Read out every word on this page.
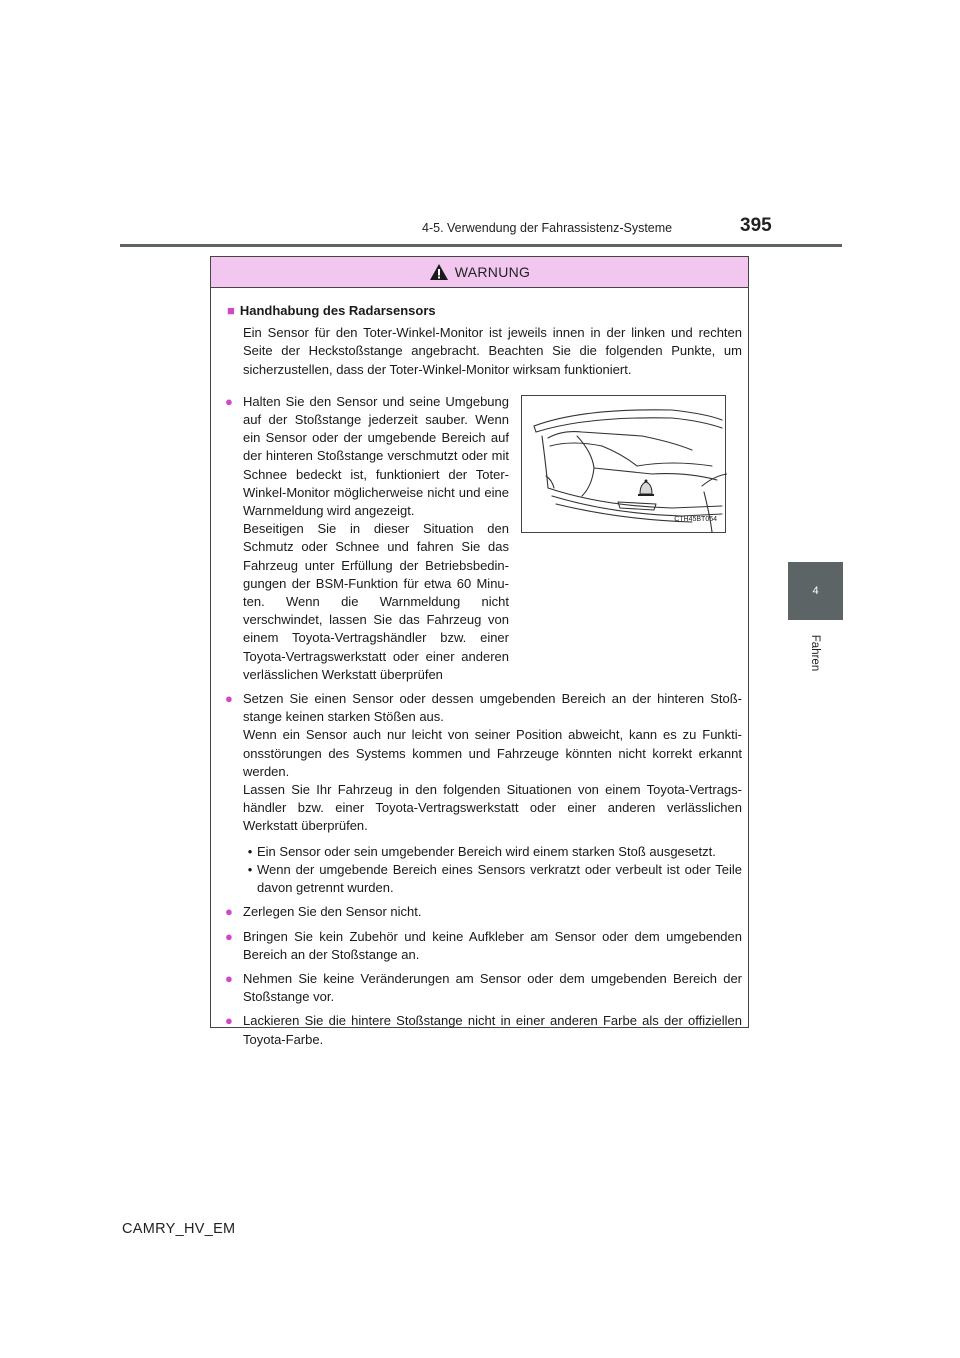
4-5. Verwendung der Fahrassistenz-Systeme	395
4
Fahren
WARNUNG
■ Handhabung des Radarsensors
Ein Sensor für den Toter-Winkel-Monitor ist jeweils innen in der linken und rechten Seite der Heckstoßstange angebracht. Beachten Sie die folgenden Punkte, um sicherzustellen, dass der Toter-Winkel-Monitor wirksam funktioniert.
● Halten Sie den Sensor und seine Umgebung auf der Stoßstange jederzeit sauber. Wenn ein Sensor oder der umgebende Bereich auf der hinteren Stoßstange verschmutzt oder mit Schnee bedeckt ist, funktioniert der Toter-Winkel-Monitor möglicherweise nicht und eine Warnmeldung wird angezeigt.

Beseitigen Sie in dieser Situation den Schmutz oder Schnee und fahren Sie das Fahrzeug unter Erfüllung der Betriebsbedin-gungen der BSM-Funktion für etwa 60 Minu-ten. Wenn die Warnmeldung nicht verschwindet, lassen Sie das Fahrzeug von einem Toyota-Vertragshändler bzw. einer Toyota-Vertragswerkstatt oder einer anderen verlässlichen Werkstatt überprüfen

CTH45BT064
● Setzen Sie einen Sensor oder dessen umgebenden Bereich an der hinteren Stoß-stange keinen starken Stößen aus.

Wenn ein Sensor auch nur leicht von seiner Position abweicht, kann es zu Funkti-onsstörungen des Systems kommen und Fahrzeuge könnten nicht korrekt erkannt werden.

Lassen Sie Ihr Fahrzeug in den folgenden Situationen von einem Toyota-Vertrags-händler bzw. einer Toyota-Vertragswerkstatt oder einer anderen verlässlichen Werkstatt überprüfen.

• Ein Sensor oder sein umgebender Bereich wird einem starken Stoß ausgesetzt.
• Wenn der umgebende Bereich eines Sensors verkratzt oder verbeult ist oder Teile davon getrennt wurden.
● Zerlegen Sie den Sensor nicht.
● Bringen Sie kein Zubehör und keine Aufkleber am Sensor oder dem umgebenden Bereich an der Stoßstange an.
● Nehmen Sie keine Veränderungen am Sensor oder dem umgebenden Bereich der Stoßstange vor.
● Lackieren Sie die hintere Stoßstange nicht in einer anderen Farbe als der offiziellen Toyota-Farbe.
CAMRY_HV_EM
